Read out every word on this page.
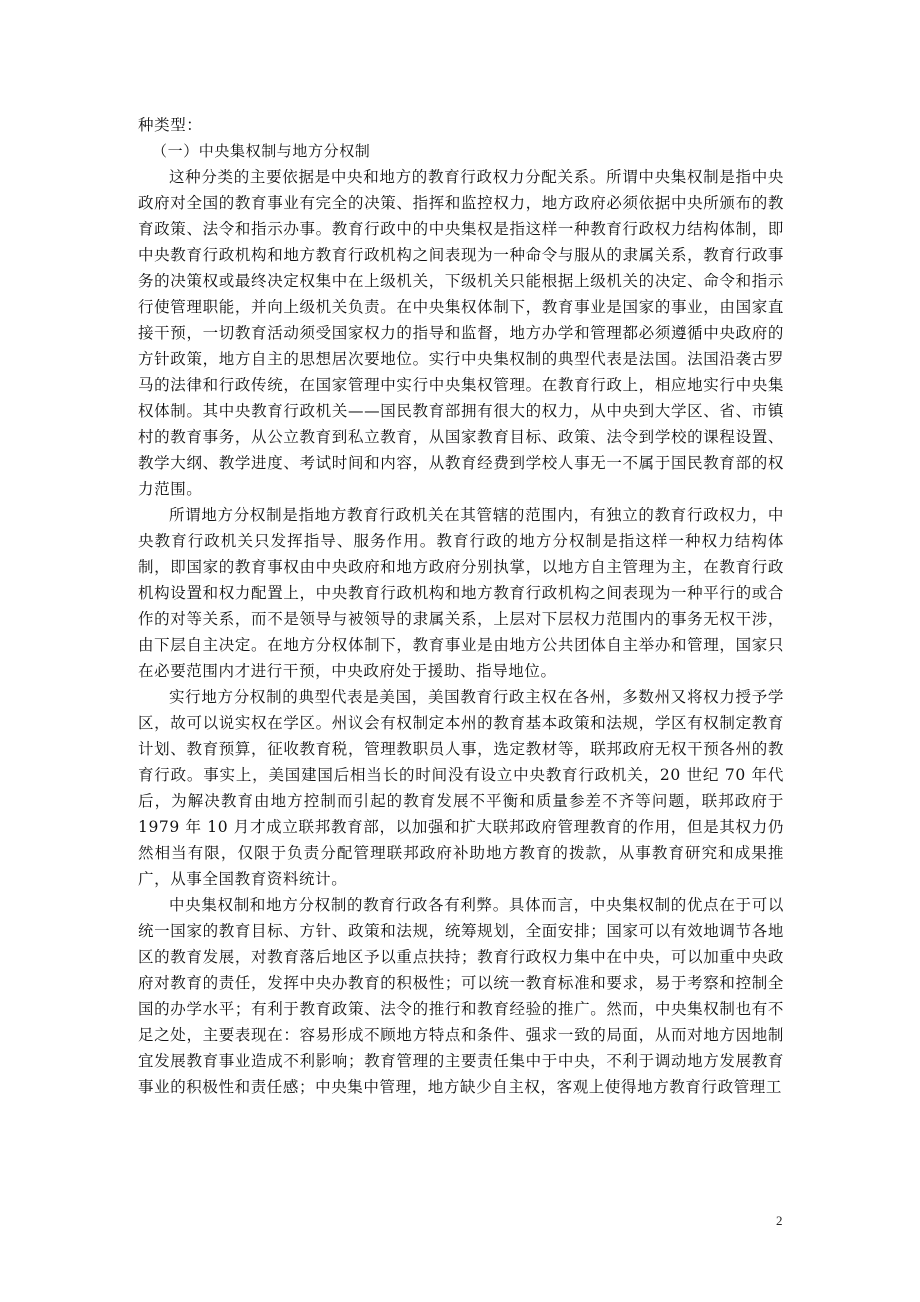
种类型：

（一）中央集权制与地方分权制

这种分类的主要依据是中央和地方的教育行政权力分配关系。所谓中央集权制是指中央政府对全国的教育事业有完全的决策、指挥和监控权力，地方政府必须依据中央所颁布的教育政策、法令和指示办事。教育行政中的中央集权是指这样一种教育行政权力结构体制，即中央教育行政机构和地方教育行政机构之间表现为一种命令与服从的隶属关系，教育行政事务的决策权或最终决定权集中在上级机关，下级机关只能根据上级机关的决定、命令和指示行使管理职能，并向上级机关负责。在中央集权体制下，教育事业是国家的事业，由国家直接干预，一切教育活动须受国家权力的指导和监督，地方办学和管理都必须遵循中央政府的方针政策，地方自主的思想居次要地位。实行中央集权制的典型代表是法国。法国沿袭古罗马的法律和行政传统，在国家管理中实行中央集权管理。在教育行政上，相应地实行中央集权体制。其中央教育行政机关——国民教育部拥有很大的权力，从中央到大学区、省、市镇村的教育事务，从公立教育到私立教育，从国家教育目标、政策、法令到学校的课程设置、教学大纲、教学进度、考试时间和内容，从教育经费到学校人事无一不属于国民教育部的权力范围。

所谓地方分权制是指地方教育行政机关在其管辖的范围内，有独立的教育行政权力，中央教育行政机关只发挥指导、服务作用。教育行政的地方分权制是指这样一种权力结构体制，即国家的教育事权由中央政府和地方政府分别执掌，以地方自主管理为主，在教育行政机构设置和权力配置上，中央教育行政机构和地方教育行政机构之间表现为一种平行的或合作的对等关系，而不是领导与被领导的隶属关系，上层对下层权力范围内的事务无权干涉，由下层自主决定。在地方分权体制下，教育事业是由地方公共团体自主举办和管理，国家只在必要范围内才进行干预，中央政府处于援助、指导地位。

实行地方分权制的典型代表是美国，美国教育行政主权在各州，多数州又将权力授予学区，故可以说实权在学区。州议会有权制定本州的教育基本政策和法规，学区有权制定教育计划、教育预算，征收教育税，管理教职员人事，选定教材等，联邦政府无权干预各州的教育行政。事实上，美国建国后相当长的时间没有设立中央教育行政机关，20 世纪 70 年代后，为解决教育由地方控制而引起的教育发展不平衡和质量参差不齐等问题，联邦政府于 1979 年 10 月才成立联邦教育部，以加强和扩大联邦政府管理教育的作用，但是其权力仍然相当有限，仅限于负责分配管理联邦政府补助地方教育的拨款，从事教育研究和成果推广，从事全国教育资料统计。

中央集权制和地方分权制的教育行政各有利弊。具体而言，中央集权制的优点在于可以统一国家的教育目标、方针、政策和法规，统筹规划，全面安排；国家可以有效地调节各地区的教育发展，对教育落后地区予以重点扶持；教育行政权力集中在中央，可以加重中央政府对教育的责任，发挥中央办教育的积极性；可以统一教育标准和要求，易于考察和控制全国的办学水平；有利于教育政策、法令的推行和教育经验的推广。然而，中央集权制也有不足之处，主要表现在：容易形成不顾地方特点和条件、强求一致的局面，从而对地方因地制宜发展教育事业造成不利影响；教育管理的主要责任集中于中央，不利于调动地方发展教育事业的积极性和责任感；中央集中管理，地方缺少自主权，客观上使得地方教育行政管理工

2
